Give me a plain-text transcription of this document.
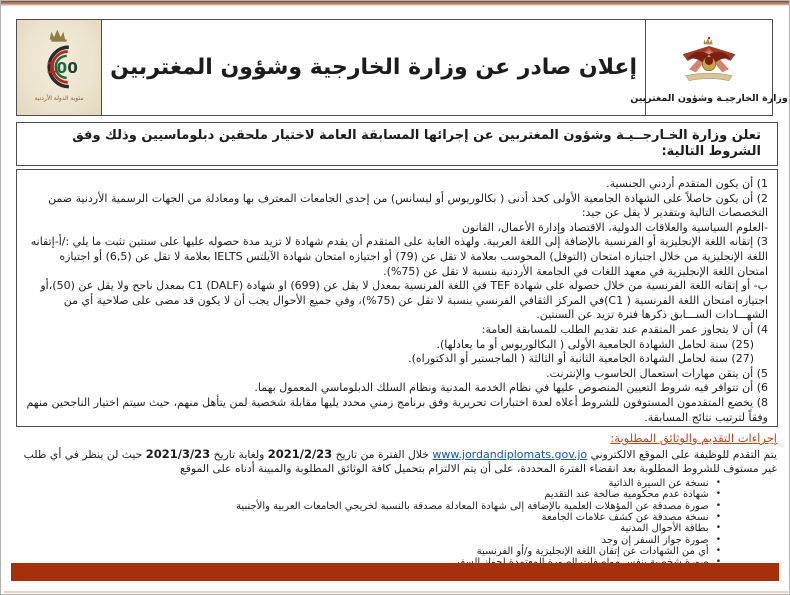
100
مئوية الدولة الأردنية
إعلان صادر عن وزارة الخارجية وشؤون المغتربين
وزارة الخارجيـة وشؤون المغتربين
تعلن وزارة الخـارجــيـة وشؤون المغتربين عن إجرائها المسابقة العامة لاختيار ملحقين دبلوماسيين وذلك وفق الشروط التالية:
1) أن يكون المتقدم أردني الجنسية.
2) أن يكون حاصلاً على الشهادة الجامعية الأولى كحد أدنى ( بكالوريوس أو ليسانس) من إحدى الجامعات المعترف بها ومعادلة من الجهات الرسمية الأردنية ضمن التخصصات التالية وبتقدير لا يقل عن جيد:
-العلوم السياسية والعلاقات الدولية، الاقتصاد وإدارة الأعمال، القانون
3) إتقانه اللغة الإنجليزية أو الفرنسية بالإضافة إلى اللغة العربية. ولهذه الغاية على المتقدم أن يقدم شهادة لا تزيد مدة حصوله عليها على سنتين تثبت ما يلي :/أ-إتقانه اللغة الإنجليزية من خلال اجتيازه امتحان (التوفل) المحوسب بعلامة لا تقل عن (79) أو اجتيازه امتحان شهادة الآيلتس IELTS بعلامة لا تقل عن (6,5) أو اجتيازه امتحان اللغة الإنجليزية في معهد اللغات في الجامعة الأردنية بنسبة لا تقل عن (75%).
ب- أو إتقانه اللغة الفرنسية من خلال حصوله على شهادة TEF في اللغة الفرنسية بمعدل لا يقل عن (699) او شهادة C1 (DALF) بمعدل ناجح ولا يقل عن (50)،أو اجتيازه امتحان اللغة الفرنسية ( C1)في المركز الثقافي الفرنسي بنسبة لا تقل عن (75%)، وفي جميع الأحوال يجب أن لا يكون قد مضى على صلاحية أي من الشهـــادات الســـابق ذكرها فترة تزيد عن السنتين.
4) أن لا يتجاوز عمر المتقدم عند تقديم الطلب للمسابقة العامة:
(25) سنة لحامل الشهادة الجامعية الأولى ( البكالوريوس أو ما يعادلها).
(27) سنة لحامل الشهادة الجامعية الثانية أو الثالثة ( الماجستير أو الدكتوراه).
5) أن يتقن مهارات استعمال الحاسوب والإنترنت.
6) أن تتوافر فيه شروط التعيين المنصوص عليها في نظام الخدمة المدنية ونظام السلك الدبلوماسي المعمول بهما.
8) يخضع المتقدمون المستوفون للشروط أعلاه لعدة اختبارات تحريرية وفق برنامج زمني محدد يليها مقابلة شخصية لمن يتأهل منهم، حيث سيتم اختيار الناجحين منهم وفقاً لترتيب نتائج المسابقة.
إجراءات التقديم والوثائق المطلوبة:
يتم التقدم للوظيفة على الموقع الالكتروني www.jordandiplomats.gov.jo خلال الفترة من تاريخ 2021/2/23 ولغاية تاريخ 2021/3/23 حيث لن ينظر في أي طلب غير مستوف للشروط المطلوبة بعد انقضاء الفترة المحددة، على أن يتم الالتزام بتحميل كافة الوثائق المطلوبة والمبينة أدناه على الموقع
•
نسخة عن السيرة الذاتية
•
شهادة عدم محكومية صالحة عند التقديم
•
صورة مصدقة عن المؤهلات العلمية بالإضافة إلى شهادة المعادلة مصدقة بالنسبة لخريجي الجامعات العربية والأجنبية
•
نسخة مصدقة عن كشف علامات الجامعة
•
بطاقة الأحوال المدنية
•
صورة جواز السفر إن وجد
•
أي من الشهادات عن إتقان اللغة الإنجليزية و/أو الفرنسية
